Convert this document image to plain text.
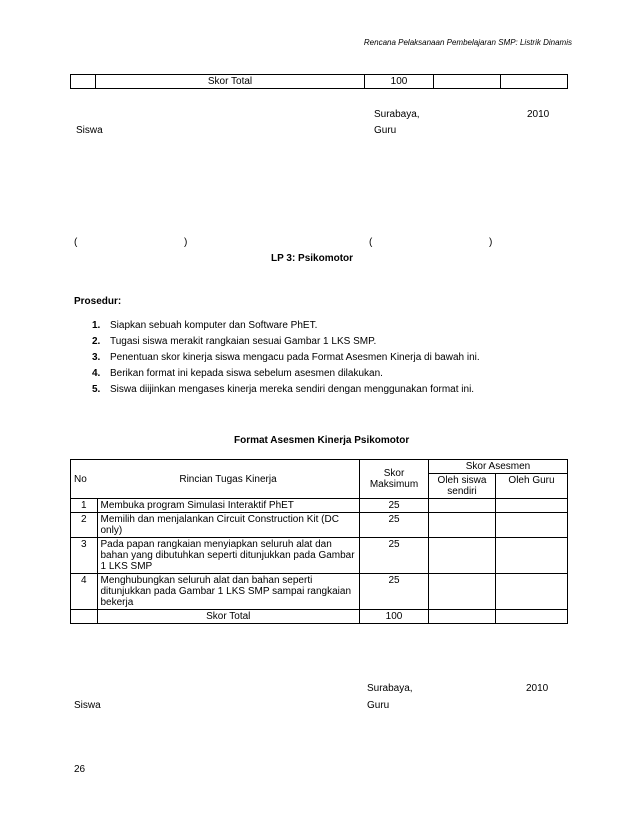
Rencana Pelaksanaan Pembelajaran SMP: Listrik Dinamis
	Skor Total	100		
Surabaya,	2010
Siswa	Guru
(	)	(	)
LP 3: Psikomotor
Prosedur:
1. Siapkan sebuah komputer dan Software PhET.
2. Tugasi siswa merakit rangkaian sesuai Gambar 1 LKS SMP.
3. Penentuan skor kinerja siswa mengacu pada Format Asesmen Kinerja di bawah ini.
4. Berikan format ini kepada siswa sebelum asesmen dilakukan.
5. Siswa diijinkan mengases kinerja mereka sendiri dengan menggunakan format ini.
Format Asesmen Kinerja Psikomotor
No	Rincian Tugas Kinerja	Skor Maksimum	Skor Asesmen	
			Oleh siswa sendiri	Oleh Guru
1	Membuka program Simulasi Interaktif PhET	25		
2	Memilih dan menjalankan Circuit Construction Kit (DC only)	25		
3	Pada papan rangkaian menyiapkan seluruh alat dan bahan yang dibutuhkan seperti ditunjukkan pada Gambar 1 LKS SMP	25		
4	Menghubungkan seluruh alat dan bahan seperti ditunjukkan pada Gambar 1 LKS SMP sampai rangkaian bekerja	25		
	Skor Total	100		
Surabaya,	2010
Siswa	Guru
26
